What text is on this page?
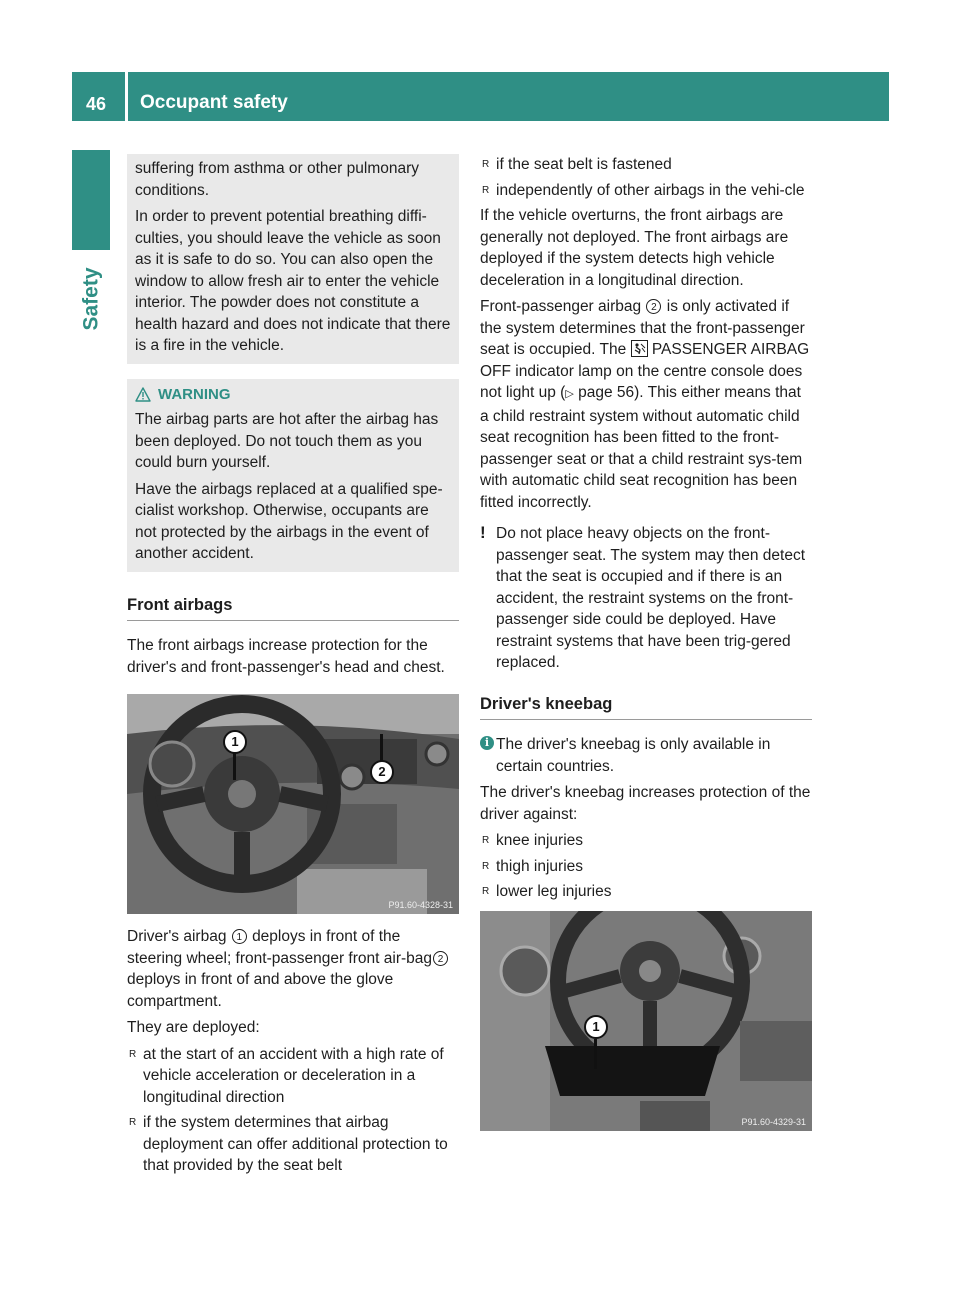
46 Occupant safety
Safety

suffering from asthma or other pulmonary conditions.

In order to prevent potential breathing diffi-culties, you should leave the vehicle as soon as it is safe to do so. You can also open the window to allow fresh air to enter the vehicle interior. The powder does not constitute a health hazard and does not indicate that there is a fire in the vehicle.

WARNING

The airbag parts are hot after the airbag has been deployed. Do not touch them as you could burn yourself.

Have the airbags replaced at a qualified spe-cialist workshop. Otherwise, occupants are not protected by the airbags in the event of another accident.

Front airbags

The front airbags increase protection for the driver's and front-passenger's head and chest.

1
2
P91.60-4328-31

Driver's airbag 1 deploys in front of the steering wheel; front-passenger front air-bag 2 deploys in front of and above the glove compartment.

They are deployed:

R at the start of an accident with a high rate of vehicle acceleration or deceleration in a longitudinal direction
R if the system determines that airbag deployment can offer additional protection to that provided by the seat belt
R if the seat belt is fastened
R independently of other airbags in the vehi-cle

If the vehicle overturns, the front airbags are generally not deployed. The front airbags are deployed if the system detects high vehicle deceleration in a longitudinal direction.

Front-passenger airbag 2 is only activated if the system determines that the front-passenger seat is occupied. The PASSENGER AIRBAG OFF indicator lamp on the centre console does not light up (▷ page 56). This either means that a child restraint system without automatic child seat recognition has been fitted to the front-passenger seat or that a child restraint sys-tem with automatic child seat recognition has been fitted incorrectly.

! Do not place heavy objects on the front-passenger seat. The system may then detect that the seat is occupied and if there is an accident, the restraint systems on the front-passenger side could be deployed. Have restraint systems that have been trig-gered replaced.

Driver's kneebag
i The driver's kneebag is only available in certain countries.

The driver's kneebag increases protection of the driver against:

R knee injuries
R thigh injuries
R lower leg injuries
1
P91.60-4329-31
